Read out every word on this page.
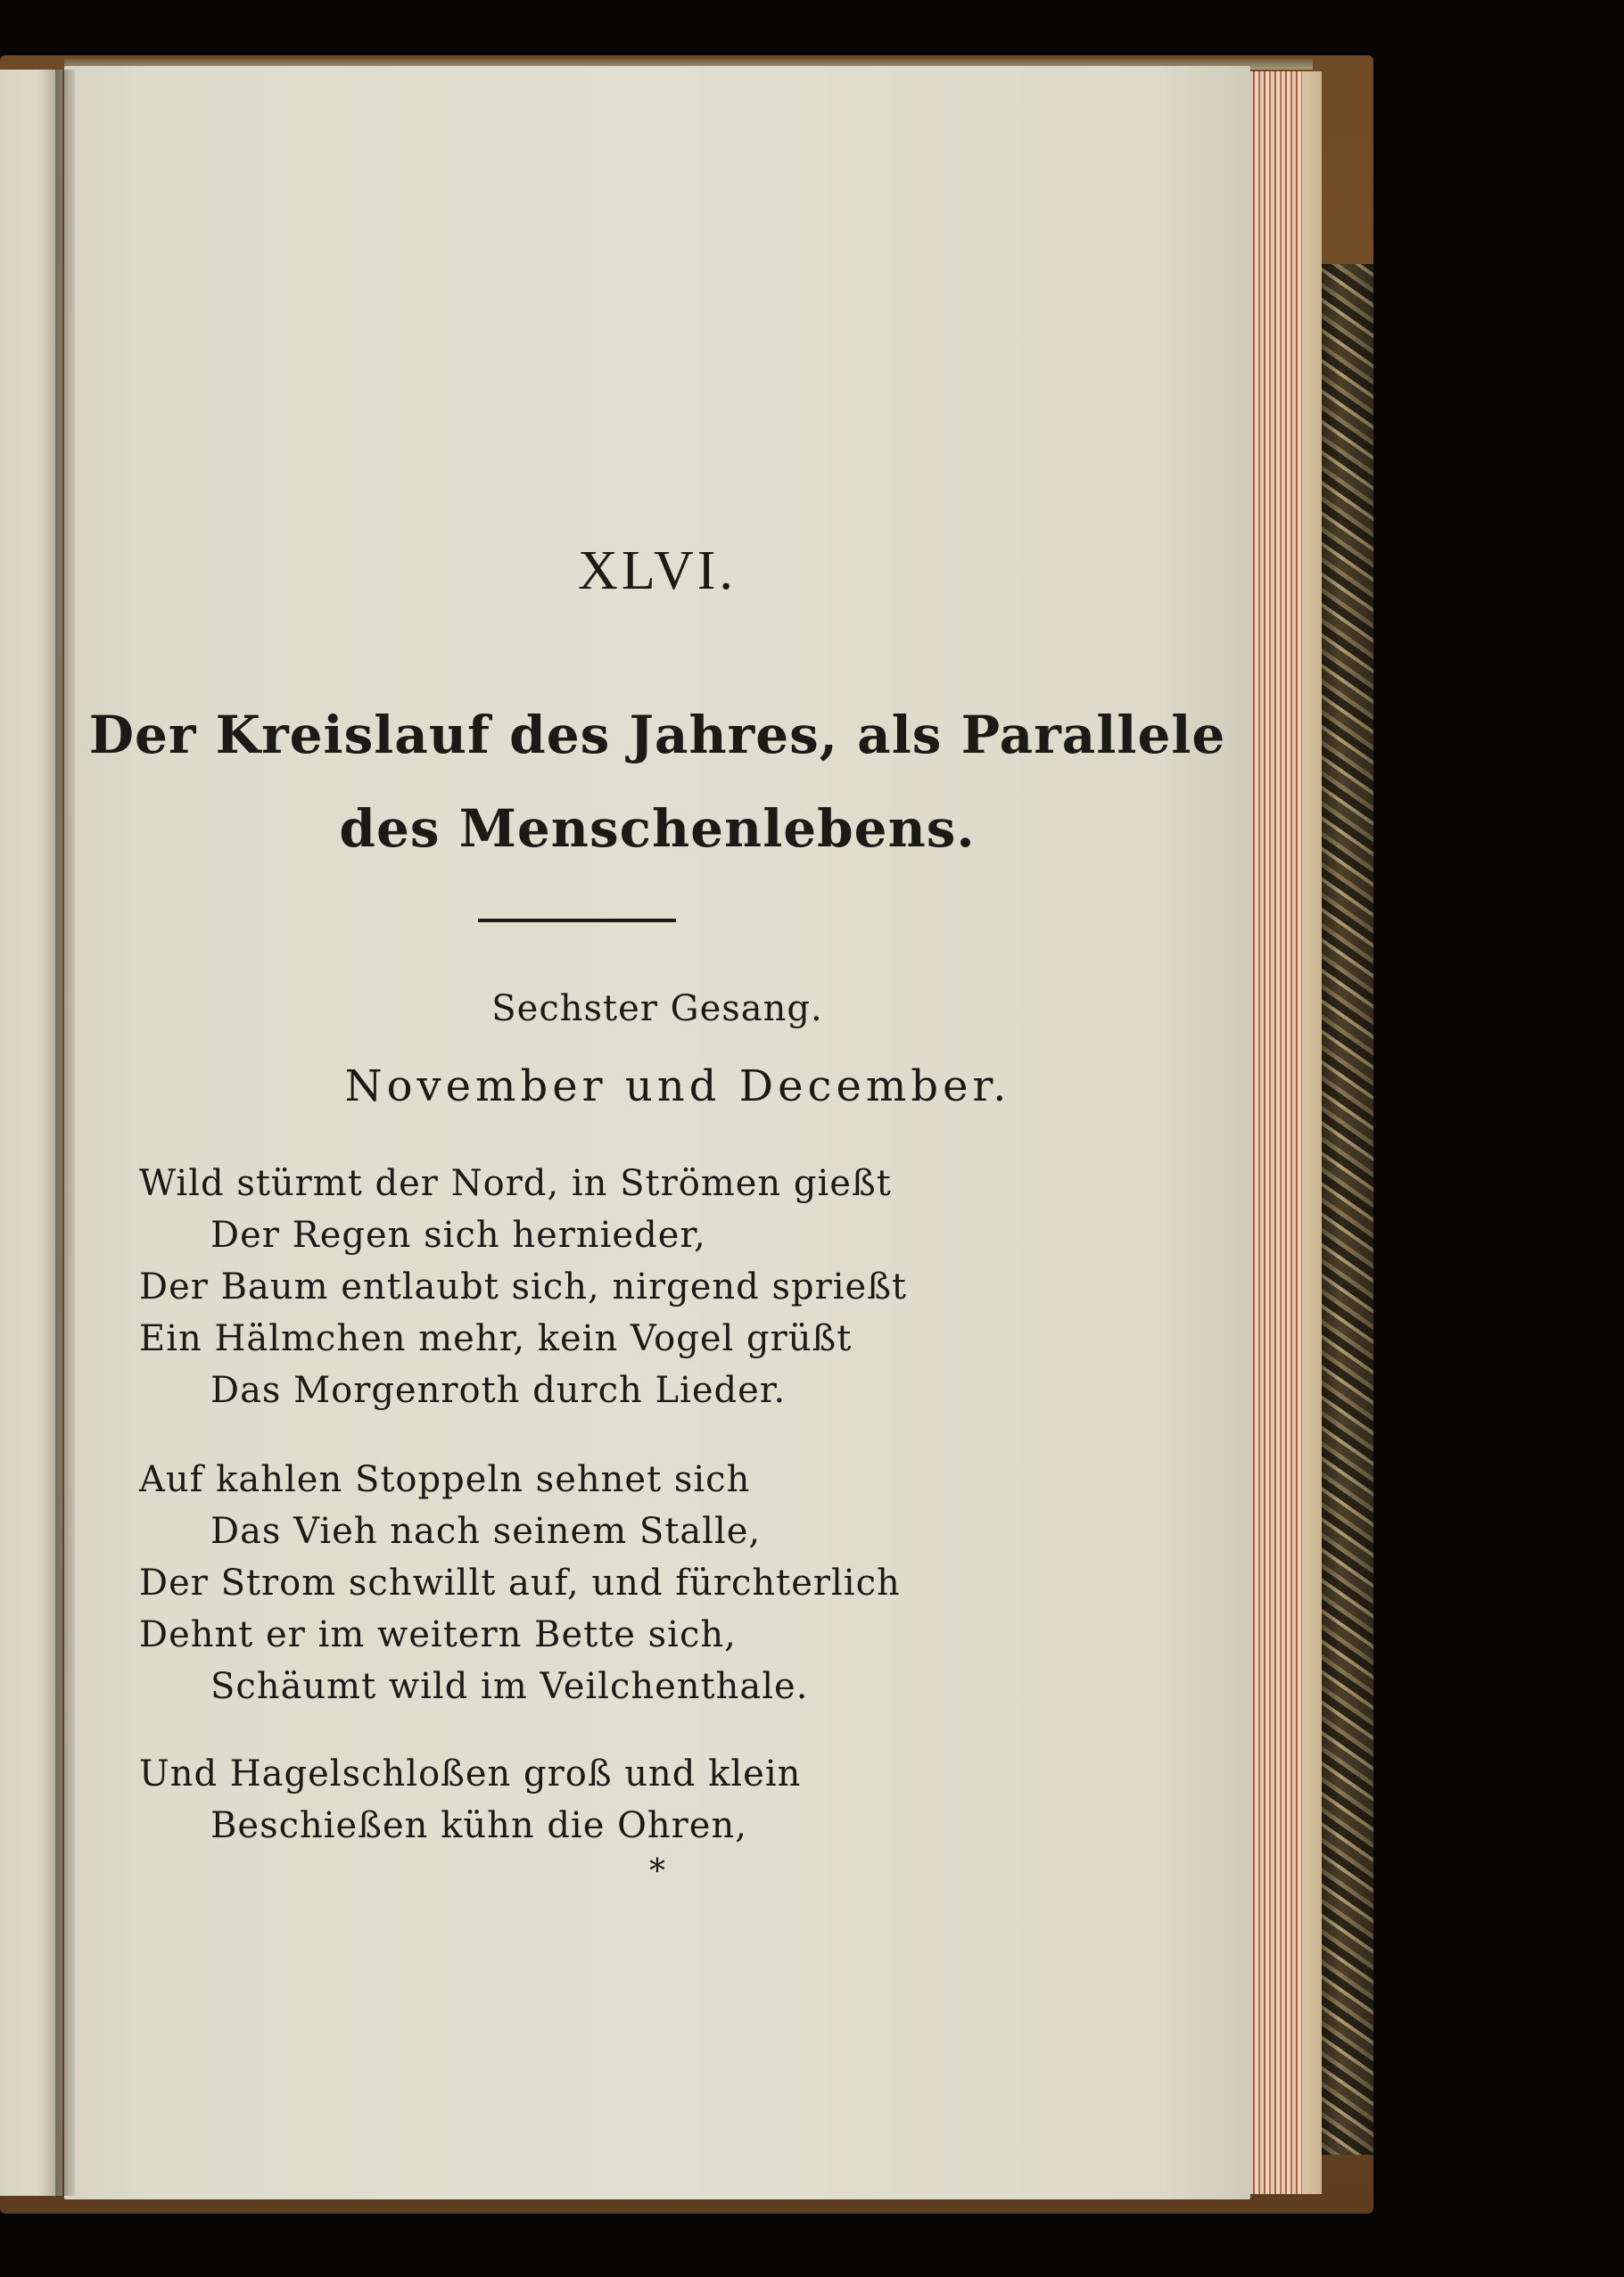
XLVI.
Der Kreislauf des Jahres, als Parallele
des Menschenlebens.
Sechster Gesang.
November und December.
Wild stürmt der Nord, in Strömen gießt
Der Regen sich hernieder,
Der Baum entlaubt sich, nirgend sprießt
Ein Hälmchen mehr, kein Vogel grüßt
Das Morgenroth durch Lieder.
Auf kahlen Stoppeln sehnet sich
Das Vieh nach seinem Stalle,
Der Strom schwillt auf, und fürchterlich
Dehnt er im weitern Bette sich,
Schäumt wild im Veilchenthale.
Und Hagelschloßen groß und klein
Beschießen kühn die Ohren,
*
